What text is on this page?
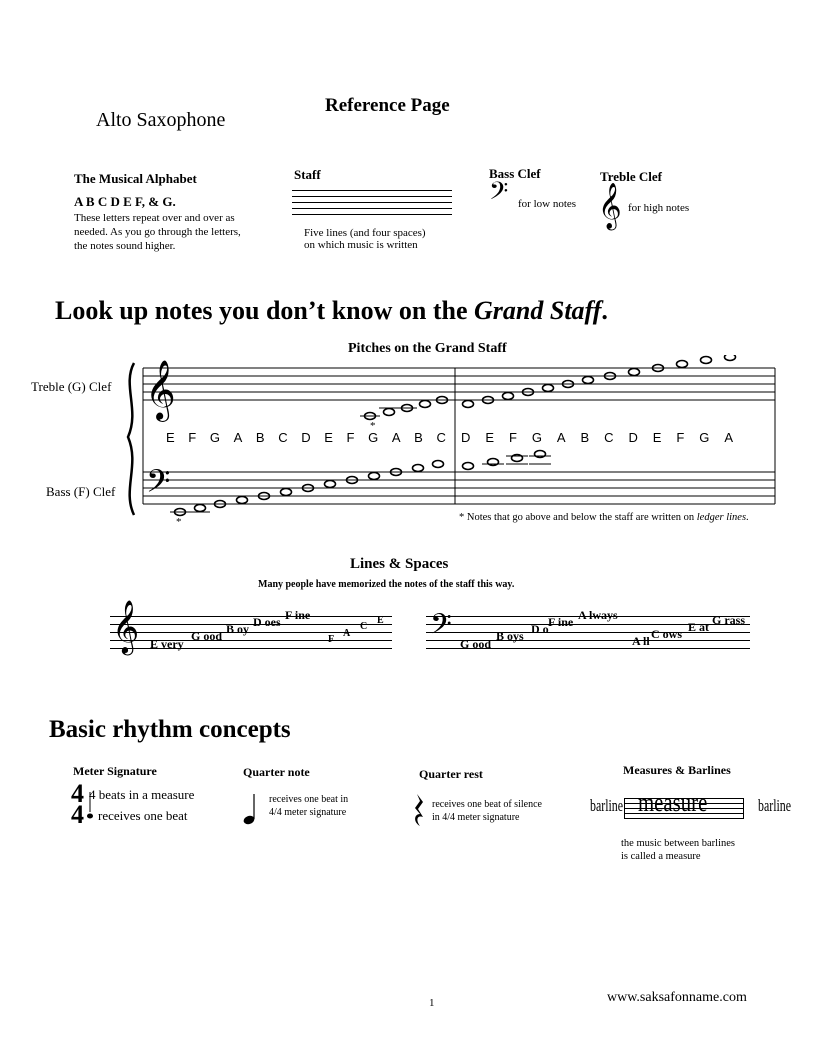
Alto Saxophone
Reference Page
The Musical Alphabet
A B C D E F, & G.
These letters repeat over and over as
needed. As you go through the letters,
the notes sound higher.
Staff
Five lines (and four spaces)
on which music is written
Bass Clef
𝄢 for low notes
Treble Clef
𝄞 for high notes
Look up notes you don’t know on the Grand Staff.
Pitches on the Grand Staff
Treble (G) Clef
Bass (F) Clef
𝄞
𝄢
*
*
E F G A B C D E F G A B C D E F G A B C D E F G A
* Notes that go above and below the staff are written on ledger lines.
Lines & Spaces
Many people have memorized the notes of the staff this way.
𝄞 E very
G ood B oy D oes F ine
F
A
C
E 𝄢 G ood
B oys D o F ine A lways
A ll C ows E at G rass
Basic rhythm concepts
Meter Signature
4
4
4 beats in a measure
receives one beat
Quarter note
receives one beat in
4/4 meter signature
Quarter rest
receives one beat of silence
in 4/4 meter signature
Measures & Barlines
barline measure	barline
the music between barlines
is called a measure
1	www.saksafonname.com
